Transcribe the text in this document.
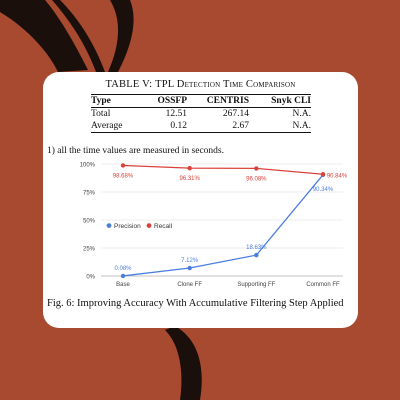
TABLE V: TPL Detection Time Comparison
Type	OSSFP	CENTRIS	Snyk CLI
Total	12.51	267.14	N.A.
Average	0.12	2.67	N.A.
1) all the time values are measured in seconds.
0%
25%
50%
75%
100%
Base	Clone FF	Supporting FF	Common FF
0.08%
7.12%
18.63%
90.34%
98.68%	96.31%	96.08%
90.84%
Precision Recall
Fig. 6: Improving Accuracy With Accumulative Filtering Step Applied
